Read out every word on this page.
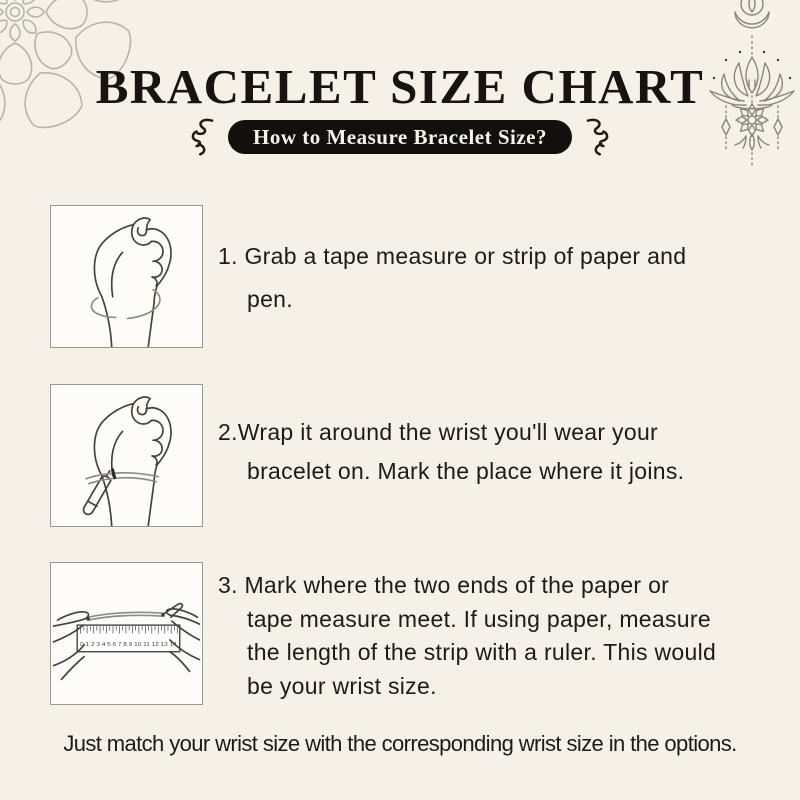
BRACELET SIZE CHART
How to Measure Bracelet Size?
1. Grab a tape measure or strip of paper and
pen.
2.Wrap it around the wrist you'll wear your
bracelet on. Mark the place where it joins.
0 1 2 3 4 5 6 7 8 9 10 11 12 13 14
3. Mark where the two ends of the paper or
tape measure meet. If using paper, measure
the length of the strip with a ruler. This would
be your wrist size.
Just match your wrist size with the corresponding wrist size in the options.
